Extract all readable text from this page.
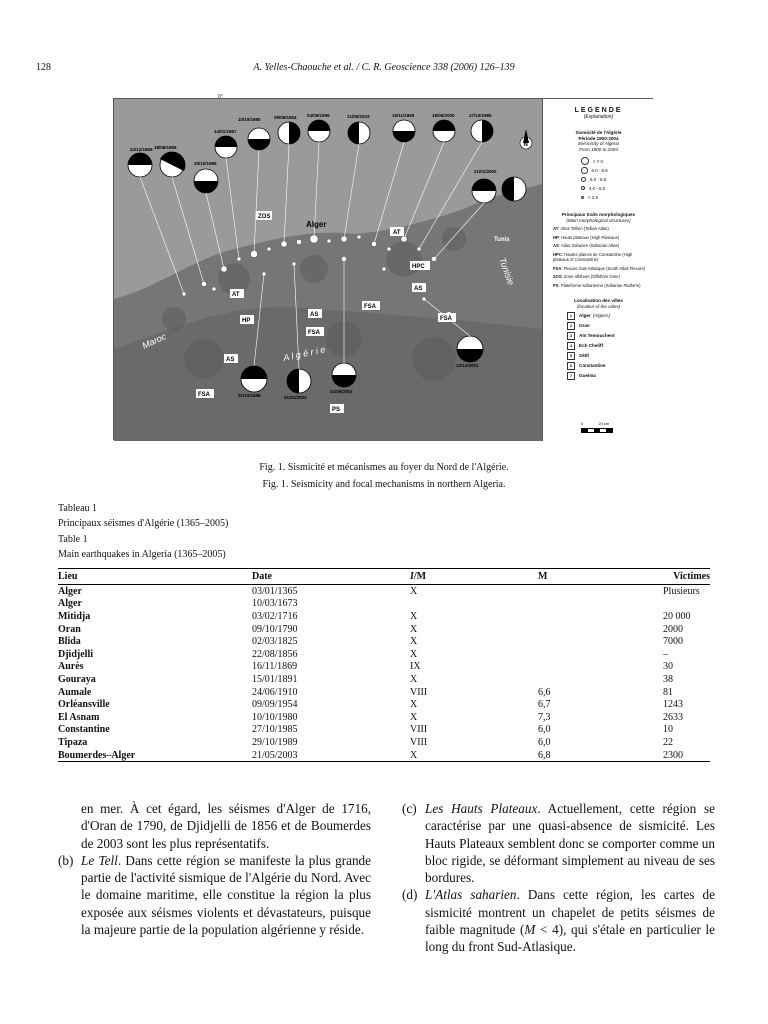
128	A. Yelles-Chaouche et al. / C. R. Geoscience 338 (2006) 126–139
0°
22/12/1869
14/01/1867
10/10/1980	09/09/1954 04/09/1996	21/05/2003	16/11/1869	18/08/2000	27/10/1985
21/01/2002
29/10/1989
18/08/1856
31/10/1988	01/01/2003
21/05/2003
13/12/2001
ZOS
Alger
AT
Tunis
HPC
AS
AT
AS
FSA
HP
FSA
FSA
AS
FSA
PS
Maroc
A l g é r i e
Tunisie
N
LEGENDE
(Explanation)
Sismicité de l'Algérie
Période 1900-2004
Seismicity of Algeria
From 1900 to 2004
> 7.0
6.0 - 6.9
5.0 - 5.9
4.0 - 5.0
< 3.9
Principaux traits morphologiques
(Main morphological structures)
AT: Atlas Tellien (Tellian Atlas)
HP: Hauts plateaux (High Plateaus)
AS: Atlas Saharien (Saharian Atlas)
HPC: Hautes plaines de Constantine (High plateaus of Constantine)
FSA: Flexure Sud-Atlasique (South Atlas Flexure)
ZOS: Zone offshore (Offshore zone)
PS: Plateforme saharienne (Saharian Platform)
Localisation des villes
(location of the cities)
1	Alger (Algiers)
2	Oran
3	Aïn Temouchent
4	Ech Cheliff
5	Sétif
6	Constantine
7	Guelma
0	20 km
Fig. 1. Sismicité et mécanismes au foyer du Nord de l'Algérie.
Fig. 1. Seismicity and focal mechanisms in northern Algeria.
Tableau 1
Principaux séismes d'Algérie (1365–2005)
Table 1
Main earthquakes in Algeria (1365–2005)
Lieu	Date	I/M	M	Victimes
Alger	03/01/1365	X		Plusieurs
Alger	10/03/1673			
Mitidja	03/02/1716	X		20 000
Oran	09/10/1790	X		2000
Blida	02/03/1825	X		7000
Djidjelli	22/08/1856	X		–
Aurès	16/11/1869	IX		30
Gouraya	15/01/1891	X		38
Aumale	24/06/1910	VIII	6,6	81
Orléansville	09/09/1954	X	6,7	1243
El Asnam	10/10/1980	X	7,3	2633
Constantine	27/10/1985	VIII	6,0	10
Tipaza	29/10/1989	VIII	6,0	22
Boumerdes–Alger	21/05/2003	X	6,8	2300

en mer. À cet égard, les séismes d'Alger de 1716, d'Oran de 1790, de Djidjelli de 1856 et de Boumerdes de 2003 sont les plus représentatifs.

(b) Le Tell. Dans cette région se manifeste la plus grande partie de l'activité sismique de l'Algérie du Nord. Avec le domaine maritime, elle constitue la région la plus exposée aux séismes violents et dévastateurs, puisque la majeure partie de la population algérienne y réside.
(c) Les Hauts Plateaux. Actuellement, cette région se caractérise par une quasi-absence de sismicité. Les Hauts Plateaux semblent donc se comporter comme un bloc rigide, se déformant simplement au niveau de ses bordures.
(d) L'Atlas saharien. Dans cette région, les cartes de sismicité montrent un chapelet de petits séismes de faible magnitude (M < 4), qui s'étale en particulier le long du front Sud-Atlasique.
